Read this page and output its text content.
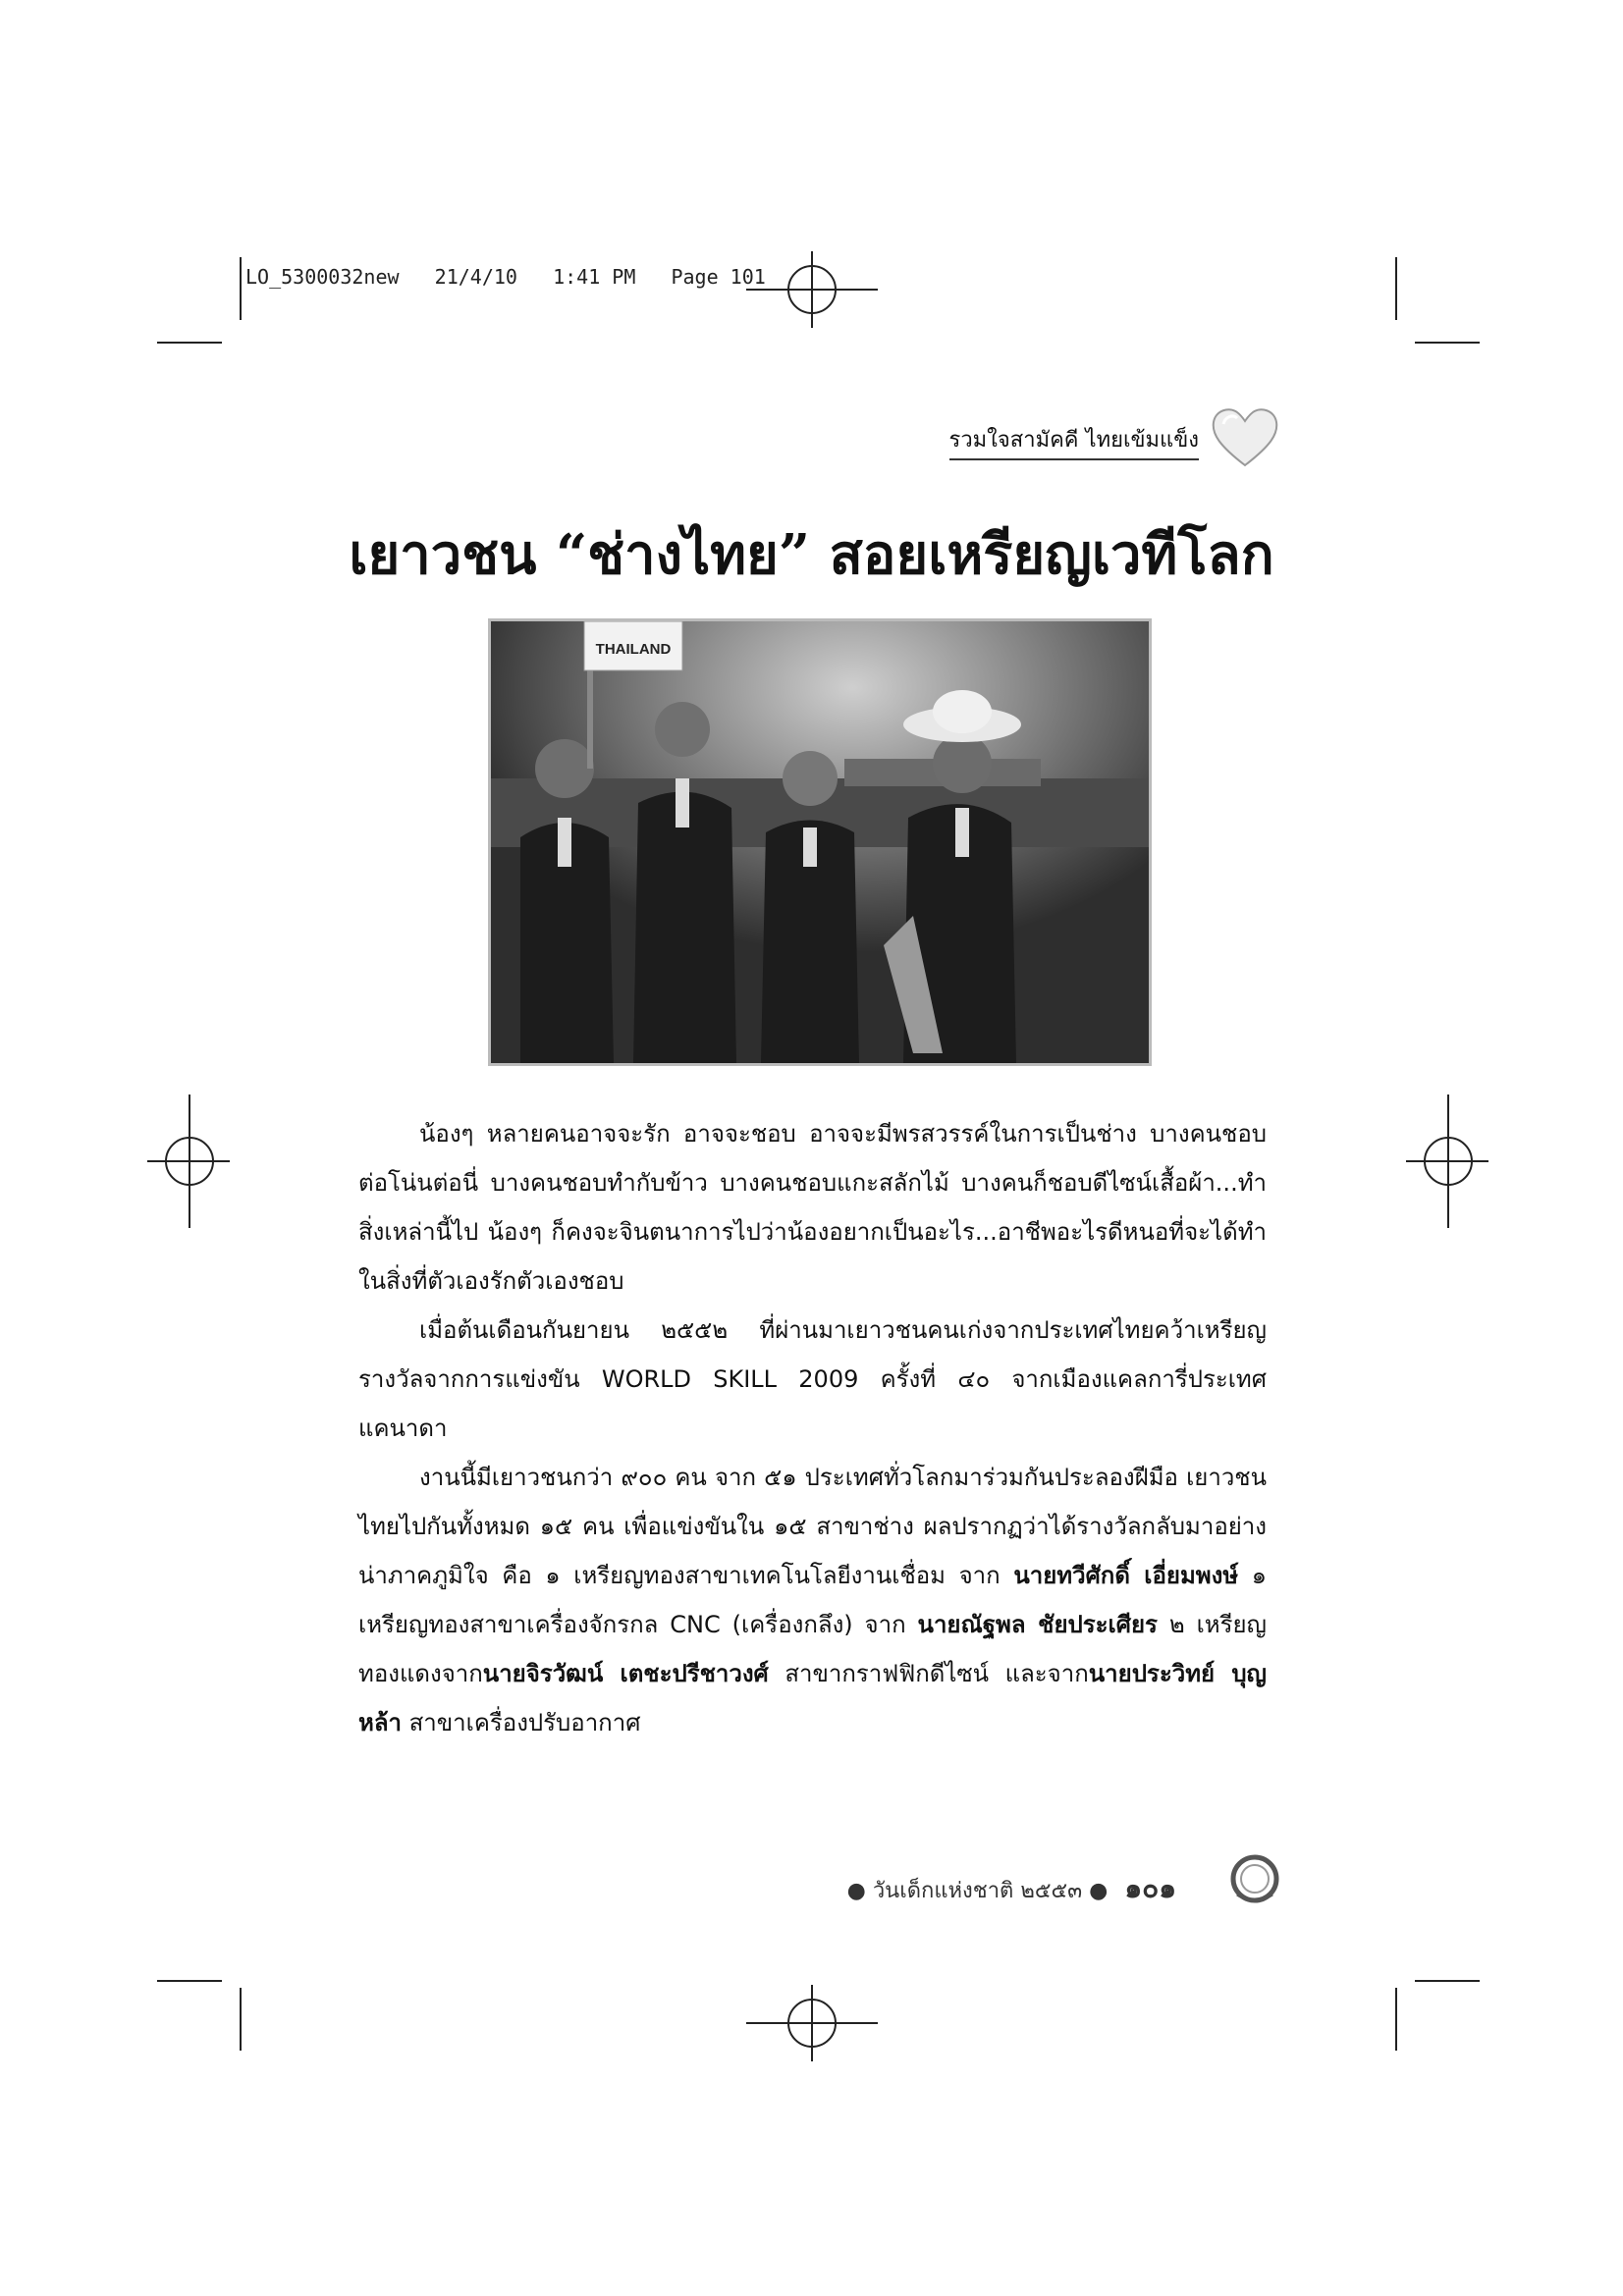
LO_5300032new   21/4/10   1:41 PM   Page 101
รวมใจสามัคคี ไทยเข้มแข็ง
เยาวชน “ช่างไทย” สอยเหรียญเวทีโลก
THAILAND

น้องๆ หลายคนอาจจะรัก อาจจะชอบ อาจจะมีพรสวรรค์ในการเป็นช่าง บางคนชอบต่อโน่นต่อนี่ บางคนชอบทำกับข้าว บางคนชอบแกะสลักไม้ บางคนก็ชอบดีไซน์เสื้อผ้า...ทำสิ่งเหล่านี้ไป น้องๆ ก็คงจะจินตนาการไปว่าน้องอยากเป็นอะไร...อาชีพอะไรดีหนอที่จะได้ทำในสิ่งที่ตัวเองรักตัวเองชอบ

เมื่อต้นเดือนกันยายน ๒๕๕๒ ที่ผ่านมาเยาวชนคนเก่งจากประเทศไทยคว้าเหรียญรางวัลจากการแข่งขัน WORLD SKILL 2009 ครั้งที่ ๔๐ จากเมืองแคลการี่ประเทศแคนาดา

งานนี้มีเยาวชนกว่า ๙๐๐ คน จาก ๕๑ ประเทศทั่วโลกมาร่วมกันประลองฝีมือ เยาวชนไทยไปกันทั้งหมด ๑๕ คน เพื่อแข่งขันใน ๑๕ สาขาช่าง ผลปรากฏว่าได้รางวัลกลับมาอย่างน่าภาคภูมิใจ คือ ๑ เหรียญทองสาขาเทคโนโลยีงานเชื่อม จาก นายทวีศักดิ์ เอี่ยมพงษ์ ๑ เหรียญทองสาขาเครื่องจักรกล CNC (เครื่องกลึง) จาก นายณัฐพล ชัยประเศียร ๒ เหรียญทองแดงจากนายจิรวัฒน์ เตชะปรีชาวงศ์ สาขากราฟฟิกดีไซน์ และจากนายประวิทย์ บุญหล้า สาขาเครื่องปรับอากาศ

● วันเด็กแห่งชาติ ๒๕๕๓ ● ๑๐๑
